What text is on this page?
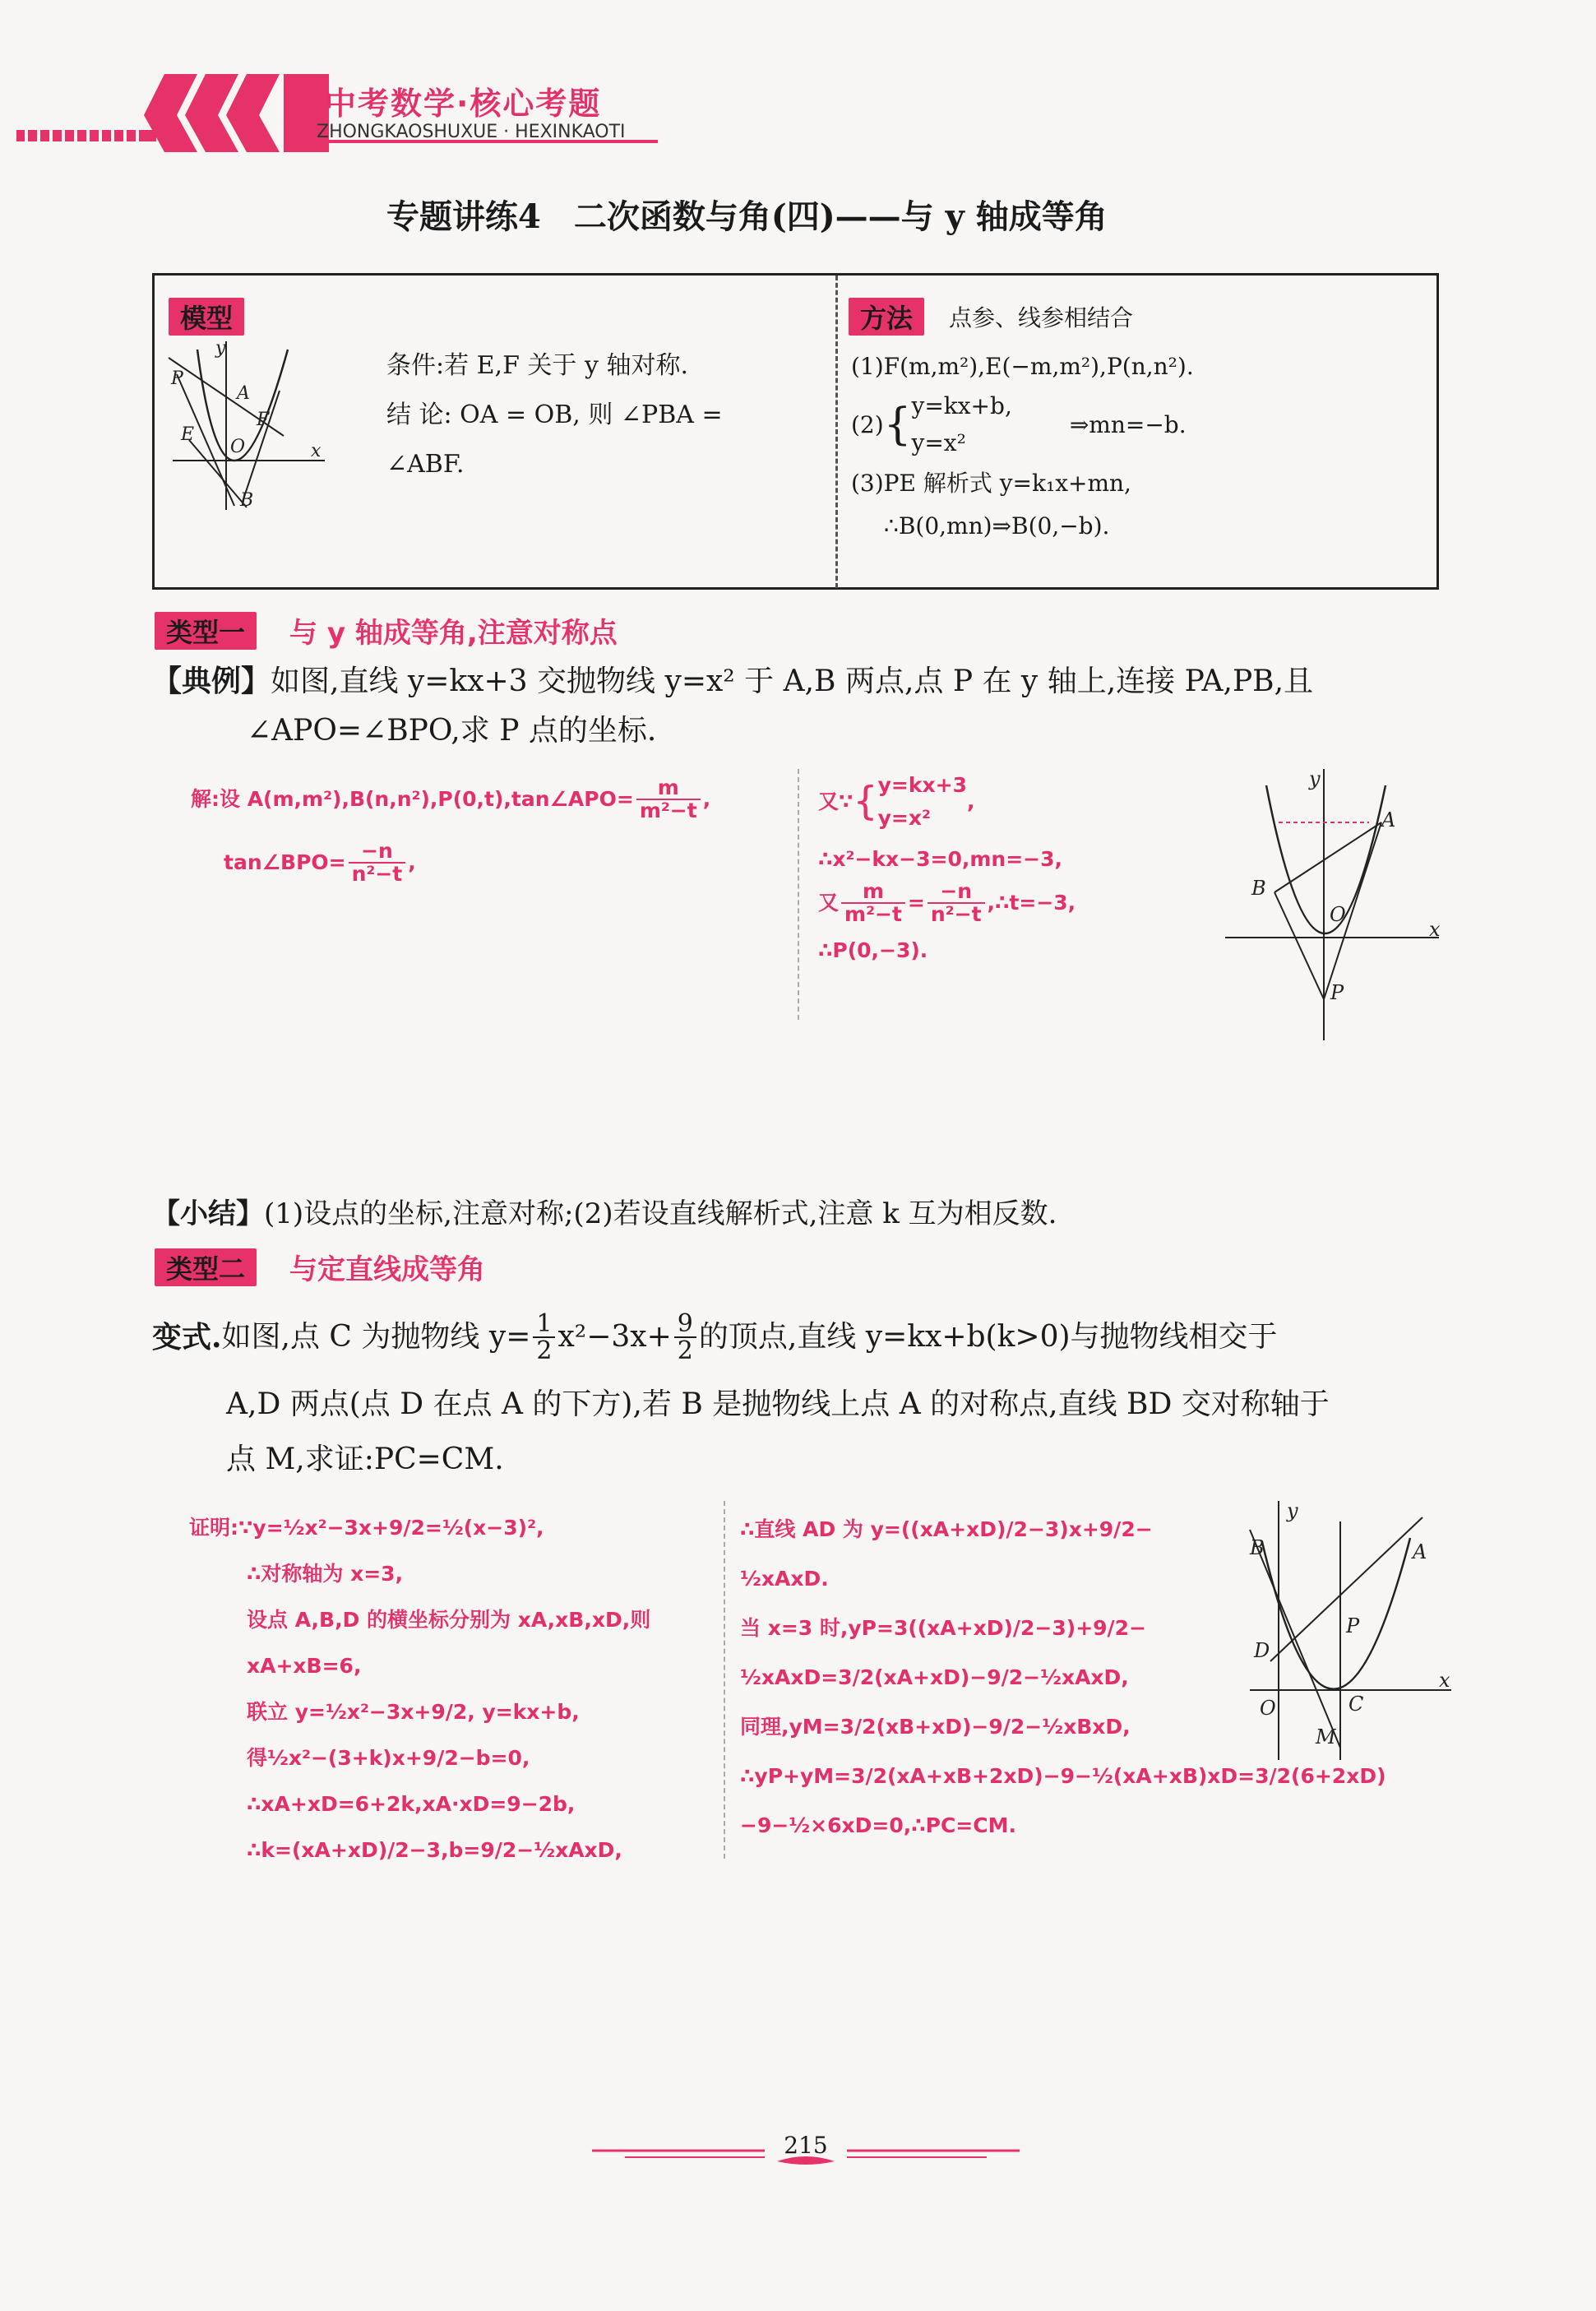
中考数学·核心考题
ZHONGKAOSHUXUE · HEXINKAOTI
专题讲练4　二次函数与角(四)——与 y 轴成等角
模型
y
P
A
F
E
O	x
B
条件:若 E,F 关于 y 轴对称.
结 论: OA = OB, 则 ∠PBA =
∠ABF.
方法	点参、线参相结合
(1)F(m,m²),E(−m,m²),P(n,n²).
(2) { y=kx+b,
y=x²
⇒mn=−b.
(3)PE 解析式 y=k₁x+mn,
∴B(0,mn)⇒B(0,−b).
类型一	与 y 轴成等角,注意对称点
【典例】如图,直线 y=kx+3 交抛物线 y=x² 于 A,B 两点,点 P 在 y 轴上,连接 PA,PB,且
∠APO=∠BPO,求 P 点的坐标.
解:设 A(m,m²),B(n,n²),P(0,t),tan∠APO= $\frac{m}{\text{m²−t}}$ ,
tan∠BPO= $\frac{-n}{\text{n²−t}}$ ,
又∵ { y=kx+3
y=x²
,
∴x²−kx−3=0,mn=−3,
又 $\frac{m}{\text{m²−t}} = \frac{-n}{\text{n²−t}}$ ,∴t=−3,
∴P(0,−3).
y
A
B
O
x
P
【小结】(1)设点的坐标,注意对称;(2)若设直线解析式,注意 k 互为相反数.
类型二	与定直线成等角
变式. 如图,点 C 为抛物线 $y= \frac{1}{2} x^2-3x+ \frac{9}{2}$ 的顶点,直线 y=kx+b(k>0)与抛物线相交于
A,D 两点(点 D 在点 A 的下方),若 B 是抛物线上点 A 的对称点,直线 BD 交对称轴于
点 M,求证:PC=CM.
证明:∵y=½x²−3x+9/2=½(x−3)²,
∴对称轴为 x=3,
设点 A,B,D 的横坐标分别为 xA,xB,xD,则
xA+xB=6,
联立 y=½x²−3x+9/2, y=kx+b,
得½x²−(3+k)x+9/2−b=0,
∴xA+xD=6+2k,xA·xD=9−2b,
∴k=(xA+xD)/2−3,b=9/2−½xAxD,
∴直线 AD 为 y=((xA+xD)/2−3)x+9/2−
½xAxD.
当 x=3 时,yP=3((xA+xD)/2−3)+9/2−
½xAxD=3/2(xA+xD)−9/2−½xAxD,
同理,yM=3/2(xB+xD)−9/2−½xBxD,
∴yP+yM=3/2(xA+xB+2xD)−9−½(xA+xB)xD=3/2(6+2xD)
−9−½×6xD=0,∴PC=CM.
y
B	A
P
D
O	C
x
M
215
